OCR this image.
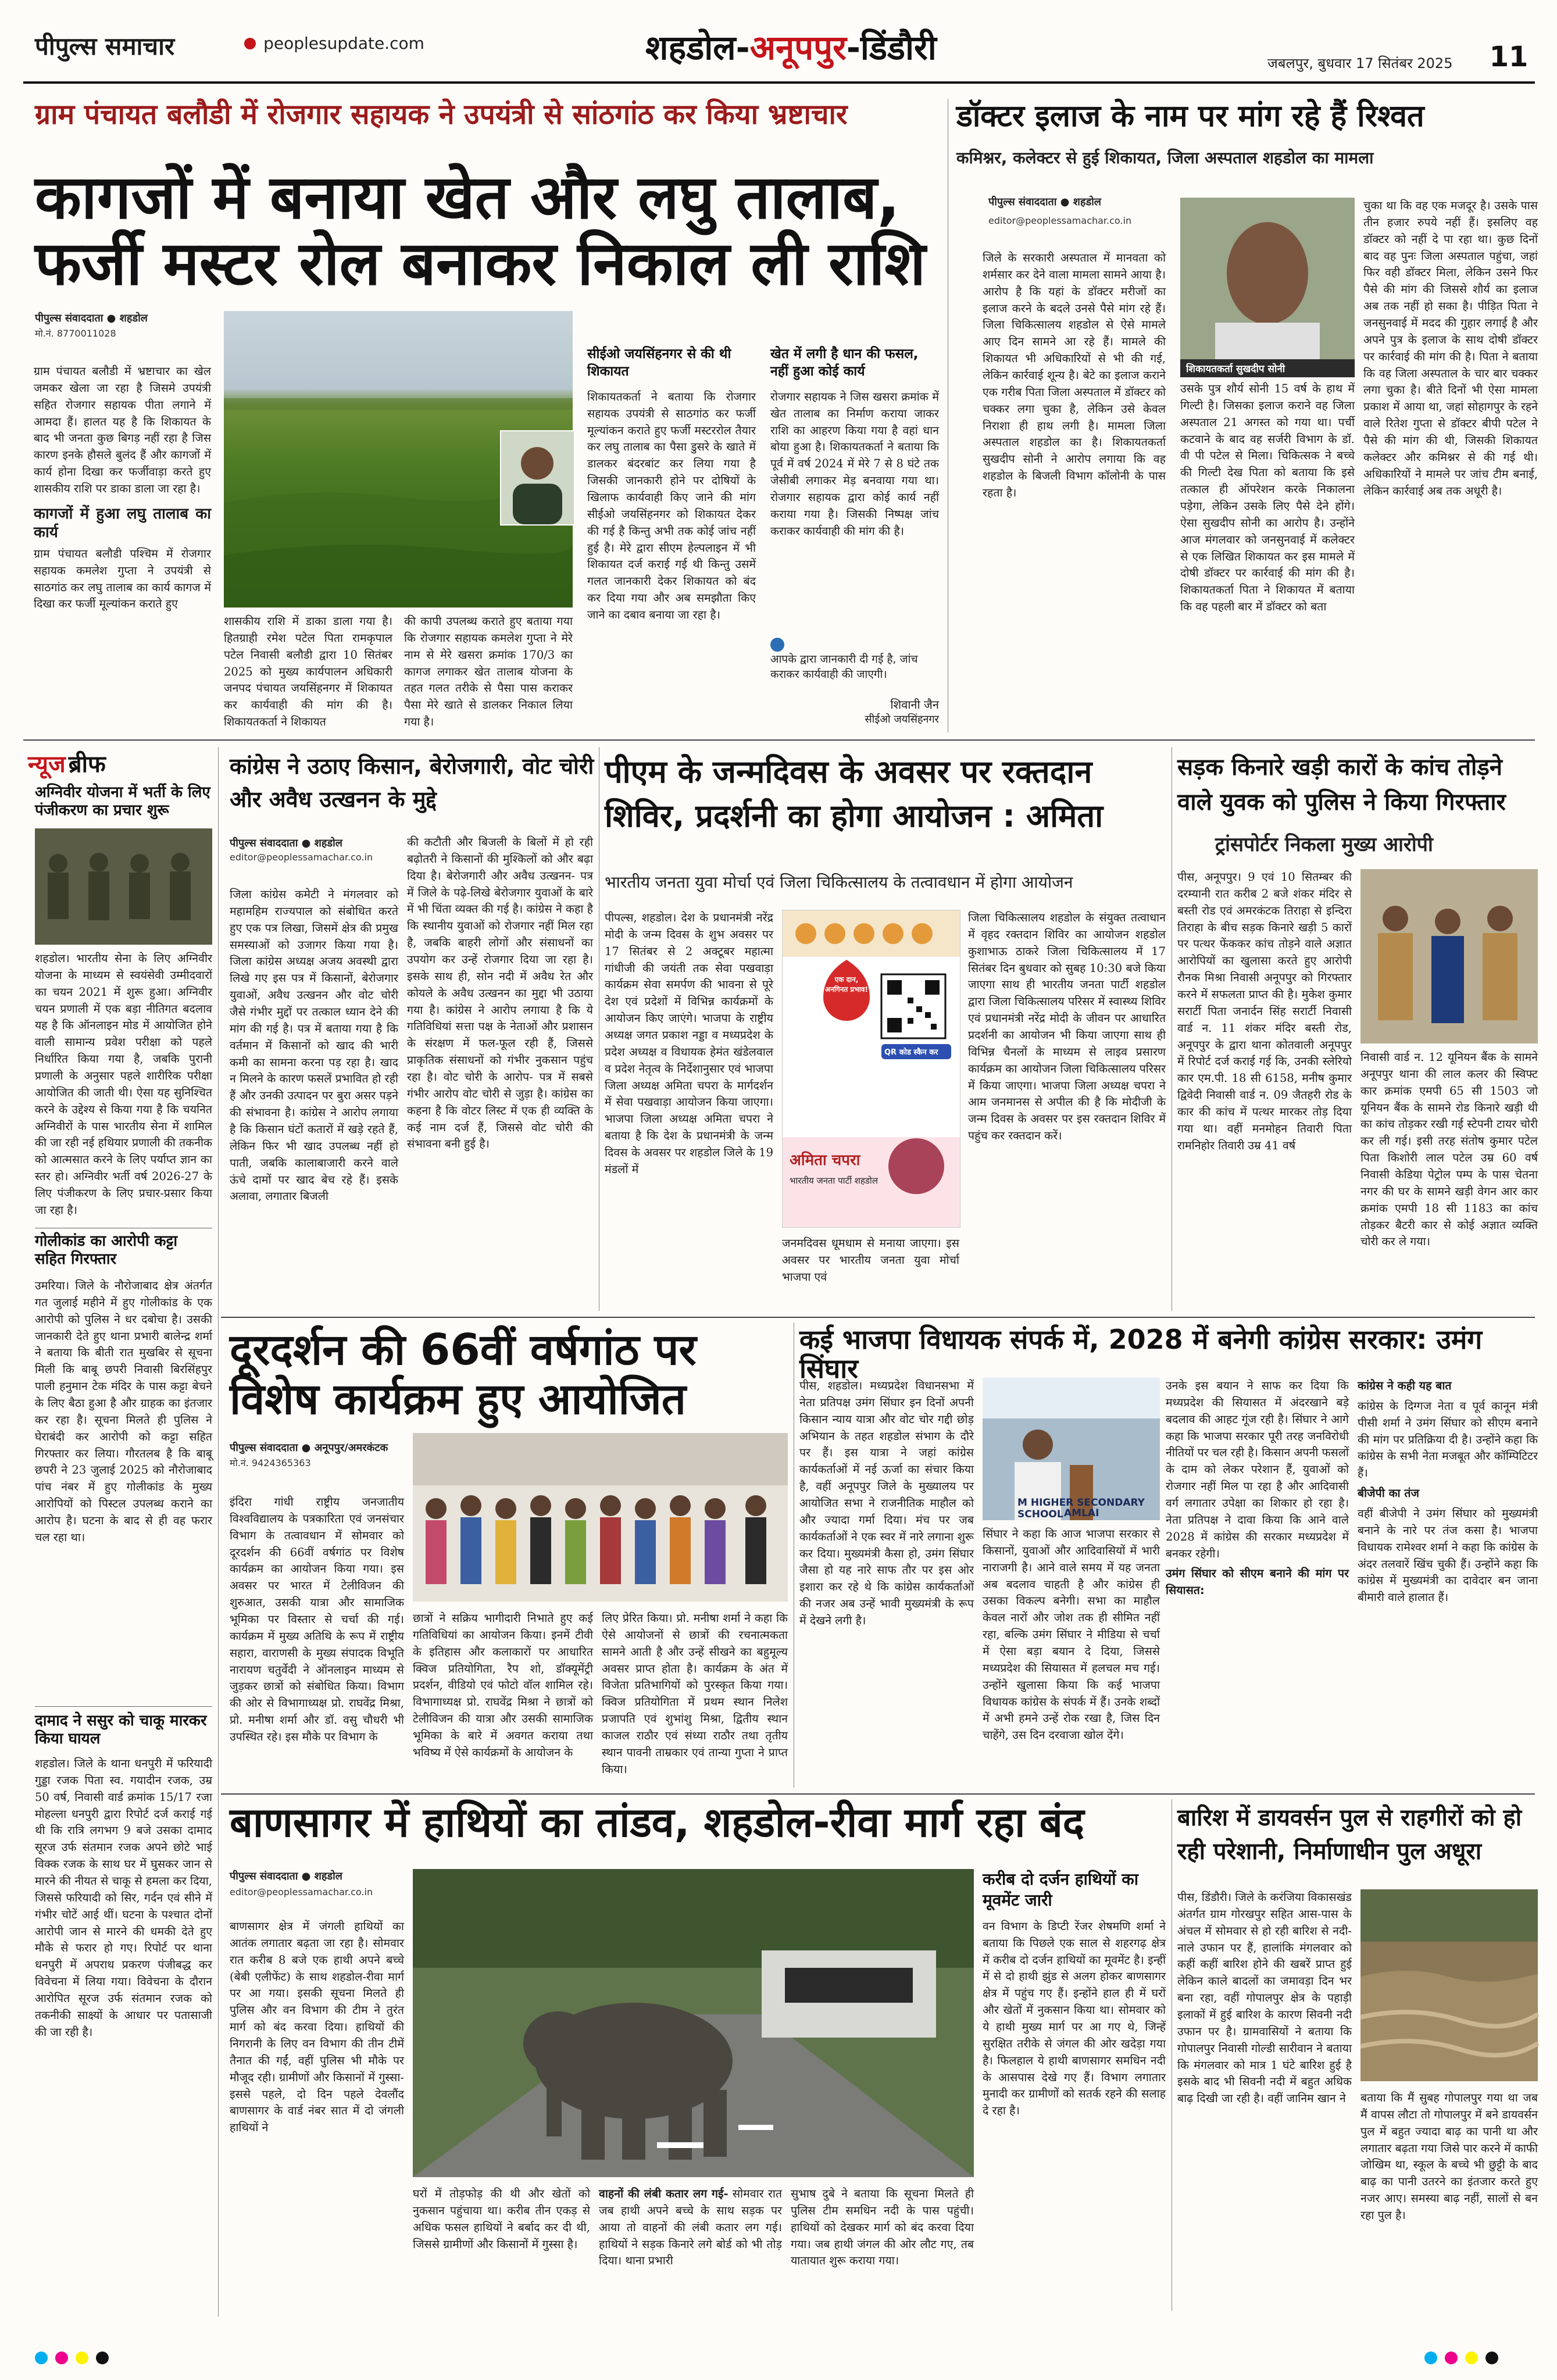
पीपुल्स समाचार	peoplesupdate.com	शहडोल-अनूपपुर-डिंडौरी	जबलपुर, बुधवार 17 सितंबर 2025 11
ग्राम पंचायत बलौडी में रोजगार सहायक ने उपयंत्री से सांठगांठ कर किया भ्रष्टाचार
कागजों में बनाया खेत और लघु तालाब, फर्जी मस्टर रोल बनाकर निकाल ली राशि
पीपुल्स संवाददाता ● शहडोल
मो.नं. 8770011028

ग्राम पंचायत बलौडी में भ्रष्टाचार का खेल जमकर खेला जा रहा है जिसमे उपयंत्री सहित रोजगार सहायक पीता लगाने में आमदा हैं। हालत यह है कि शिकायत के बाद भी जनता कुछ बिगड़ नहीं रहा है जिस कारण इनके हौसले बुलंद हैं और कागजों में कार्य होना दिखा कर फर्जीवाड़ा करते हुए शासकीय राशि पर डाका डाला जा रहा है।

कागजों में हुआ लघु तालाब का कार्य

ग्राम पंचायत बलौडी पश्चिम में रोजगार सहायक कमलेश गुप्ता ने उपयंत्री से साठगांठ कर लघु तालाब का कार्य कागज में दिखा कर फर्जी मूल्यांकन कराते हुए

शासकीय राशि में डाका डाला गया है। हितग्राही रमेश पटेल पिता रामकृपाल पटेल निवासी बलौडी द्वारा 10 सितंबर 2025 को मुख्य कार्यपालन अधिकारी जनपद पंचायत जयसिंहनगर में शिकायत कर कार्यवाही की मांग की है। शिकायतकर्ता ने शिकायत
की कापी उपलब्ध कराते हुए बताया गया कि रोजगार सहायक कमलेश गुप्ता ने मेरे नाम से मेरे खसरा क्रमांक 170/3 का कागज लगाकर खेत तालाब योजना के तहत गलत तरीके से पैसा पास कराकर पैसा मेरे खाते से डालकर निकाल लिया गया है।
सीईओ जयसिंहनगर से की थी शिकायत
शिकायतकर्ता ने बताया कि रोजगार सहायक उपयंत्री से साठगांठ कर फर्जी मूल्यांकन कराते हुए फर्जी मस्टररोल तैयार कर लघु तालाब का पैसा डुसरे के खाते में डालकर बंदरबांट कर लिया गया है जिसकी जानकारी होने पर दोषियों के खिलाफ कार्यवाही किए जाने की मांग सीईओ जयसिंहनगर को शिकायत देकर की गई है किन्तु अभी तक कोई जांच नहीं हुई है। मेरे द्वारा सीएम हेल्पलाइन में भी शिकायत दर्ज कराई गई थी किन्तु उसमें गलत जानकारी देकर शिकायत को बंद कर दिया गया और अब समझौता किए जाने का दबाव बनाया जा रहा है।
खेत में लगी है धान की फसल, नहीं हुआ कोई कार्य
रोजगार सहायक ने जिस खसरा क्रमांक में खेत तालाब का निर्माण कराया जाकर राशि का आहरण किया गया है वहां धान बोया हुआ है। शिकायतकर्ता ने बताया कि पूर्व में वर्ष 2024 में मेरे 7 से 8 घंटे तक जेसीबी लगाकर मेड़ बनवाया गया था। रोजगार सहायक द्वारा कोई कार्य नहीं कराया गया है। जिसकी निष्पक्ष जांच कराकर कार्यवाही की मांग की है।
आपके द्वारा जानकारी दी गई है, जांच कराकर कार्यवाही की जाएगी।
शिवानी जैन
सीईओ जयसिंहनगर
डॉक्टर इलाज के नाम पर मांग रहे हैं रिश्वत
कमिश्नर, कलेक्टर से हुई शिकायत, जिला अस्पताल शहडोल का मामला
पीपुल्स संवाददाता ● शहडोल
editor@peoplessamachar.co.in
जिले के सरकारी अस्पताल में मानवता को शर्मसार कर देने वाला मामला सामने आया है। आरोप है कि यहां के डॉक्टर मरीजों का इलाज करने के बदले उनसे पैसे मांग रहे हैं। जिला चिकित्सालय शहडोल से ऐसे मामले आए दिन सामने आ रहे हैं। मामले की शिकायत भी अधिकारियों से भी की गई, लेकिन कार्रवाई शून्य है। बेटे का इलाज कराने एक गरीब पिता जिला अस्पताल में डॉक्टर को चक्कर लगा चुका है, लेकिन उसे केवल निराशा ही हाथ लगी है। मामला जिला अस्पताल शहडोल का है। शिकायतकर्ता सुखदीप सोनी ने आरोप लगाया कि वह शहडोल के बिजली विभाग कॉलोनी के पास रहता है।
शिकायतकर्ता सुखदीप सोनी
उसके पुत्र शौर्य सोनी 15 वर्ष के हाथ में गिल्टी है। जिसका इलाज कराने वह जिला अस्पताल 21 अगस्त को गया था। पर्ची कटवाने के बाद वह सर्जरी विभाग के डॉ. वी पी पटेल से मिला। चिकित्सक ने बच्चे की गिल्टी देख पिता को बताया कि इसे तत्काल ही ऑपरेशन करके निकालना पड़ेगा, लेकिन उसके लिए पैसे देने होंगे। ऐसा सुखदीप सोनी का आरोप है। उन्होंने आज मंगलवार को जनसुनवाई में कलेक्टर से एक लिखित शिकायत कर इस मामले में दोषी डॉक्टर पर कार्रवाई की मांग की है। शिकायतकर्ता पिता ने शिकायत में बताया कि वह पहली बार में डॉक्टर को बता
चुका था कि वह एक मजदूर है। उसके पास तीन हजार रुपये नहीं हैं। इसलिए वह डॉक्टर को नहीं दे पा रहा था। कुछ दिनों बाद वह पुनः जिला अस्पताल पहुंचा, जहां फिर वही डॉक्टर मिला, लेकिन उसने फिर पैसे की मांग की जिससे शौर्य का इलाज अब तक नहीं हो सका है। पीड़ित पिता ने जनसुनवाई में मदद की गुहार लगाई है और अपने पुत्र के इलाज के साथ दोषी डॉक्टर पर कार्रवाई की मांग की है। पिता ने बताया कि वह जिला अस्पताल के चार बार चक्कर लगा चुका है। बीते दिनों भी ऐसा मामला प्रकाश में आया था, जहां सोहागपुर के रहने वाले रितेश गुप्ता से डॉक्टर बीपी पटेल ने पैसे की मांग की थी, जिसकी शिकायत कलेक्टर और कमिश्नर से की गई थी। अधिकारियों ने मामले पर जांच टीम बनाई, लेकिन कार्रवाई अब तक अधूरी है।
न्यूज ब्रीफ
अग्निवीर योजना में भर्ती के लिए पंजीकरण का प्रचार शुरू
शहडोल। भारतीय सेना के लिए अग्निवीर योजना के माध्यम से स्वयंसेवी उम्मीदवारों का चयन 2021 में शुरू हुआ। अग्निवीर चयन प्रणाली में एक बड़ा नीतिगत बदलाव यह है कि ऑनलाइन मोड में आयोजित होने वाली सामान्य प्रवेश परीक्षा को पहले निर्धारित किया गया है, जबकि पुरानी प्रणाली के अनुसार पहले शारीरिक परीक्षा आयोजित की जाती थी। ऐसा यह सुनिश्चित करने के उद्देश्य से किया गया है कि चयनित अग्निवीरों के पास भारतीय सेना में शामिल की जा रही नई हथियार प्रणाली की तकनीक को आत्मसात करने के लिए पर्याप्त ज्ञान का स्तर हो। अग्निवीर भर्ती वर्ष 2026-27 के लिए पंजीकरण के लिए प्रचार-प्रसार किया जा रहा है।
गोलीकांड का आरोपी कट्टा सहित गिरफ्तार
उमरिया। जिले के नौरोजाबाद क्षेत्र अंतर्गत गत जुलाई महीने में हुए गोलीकांड के एक आरोपी को पुलिस ने धर दबोचा है। उसकी जानकारी देते हुए थाना प्रभारी बालेन्द्र शर्मा ने बताया कि बीती रात मुखबिर से सूचना मिली कि बाबू छपरी निवासी बिरसिंहपुर पाली हनुमान टेक मंदिर के पास कट्टा बेचने के लिए बैठा हुआ है और ग्राहक का इंतजार कर रहा है। सूचना मिलते ही पुलिस ने घेराबंदी कर आरोपी को कट्टा सहित गिरफ्तार कर लिया। गौरतलब है कि बाबू छपरी ने 23 जुलाई 2025 को नौरोजाबाद पांच नंबर में हुए गोलीकांड के मुख्य आरोपियों को पिस्टल उपलब्ध कराने का आरोप है। घटना के बाद से ही वह फरार चल रहा था।
दामाद ने ससुर को चाकू मारकर किया घायल
शहडोल। जिले के थाना धनपुरी में फरियादी गुड्डा रजक पिता स्व. गयादीन रजक, उम्र 50 वर्ष, निवासी वार्ड क्रमांक 15/17 रजा मोहल्ला धनपुरी द्वारा रिपोर्ट दर्ज कराई गई थी कि रात्रि लगभग 9 बजे उसका दामाद सूरज उर्फ संतमान रजक अपने छोटे भाई विक्क रजक के साथ घर में घुसकर जान से मारने की नीयत से चाकू से हमला कर दिया, जिससे फरियादी को सिर, गर्दन एवं सीने में गंभीर चोटें आई थीं। घटना के पश्चात दोनों आरोपी जान से मारने की धमकी देते हुए मौके से फरार हो गए। रिपोर्ट पर थाना धनपुरी में अपराध प्रकरण पंजीबद्ध कर विवेचना में लिया गया। विवेचना के दौरान आरोपित सूरज उर्फ संतमान रजक को तकनीकी साक्ष्यों के आधार पर पतासाजी की जा रही है।
कांग्रेस ने उठाए किसान, बेरोजगारी, वोट चोरी और अवैध उत्खनन के मुद्दे
पीपुल्स संवाददाता ● शहडोल
editor@peoplessamachar.co.in
जिला कांग्रेस कमेटी ने मंगलवार को महामहिम राज्यपाल को संबोधित करते हुए एक पत्र लिखा, जिसमें क्षेत्र की प्रमुख समस्याओं को उजागर किया गया है। जिला कांग्रेस अध्यक्ष अजय अवस्थी द्वारा लिखे गए इस पत्र में किसानों, बेरोजगार युवाओं, अवैध उत्खनन और वोट चोरी जैसे गंभीर मुद्दों पर तत्काल ध्यान देने की मांग की गई है। पत्र में बताया गया है कि वर्तमान में किसानों को खाद की भारी कमी का सामना करना पड़ रहा है। खाद न मिलने के कारण फसलें प्रभावित हो रही हैं और उनकी उत्पादन पर बुरा असर पड़ने की संभावना है। कांग्रेस ने आरोप लगाया है कि किसान घंटों कतारों में खड़े रहते हैं, लेकिन फिर भी खाद उपलब्ध नहीं हो पाती, जबकि कालाबाजारी करने वाले ऊंचे दामों पर खाद बेच रहे हैं। इसके अलावा, लगातार बिजली
की कटौती और बिजली के बिलों में हो रही बढ़ोतरी ने किसानों की मुश्किलों को और बढ़ा दिया है। बेरोजगारी और अवैध उत्खनन- पत्र में जिले के पढ़े-लिखे बेरोजगार युवाओं के बारे में भी चिंता व्यक्त की गई है। कांग्रेस ने कहा है कि स्थानीय युवाओं को रोजगार नहीं मिल रहा है, जबकि बाहरी लोगों और संसाधनों का उपयोग कर उन्हें रोजगार दिया जा रहा है। इसके साथ ही, सोन नदी में अवैध रेत और कोयले के अवैध उत्खनन का मुद्दा भी उठाया गया है। कांग्रेस ने आरोप लगाया है कि ये गतिविधियां सत्ता पक्ष के नेताओं और प्रशासन के संरक्षण में फल-फूल रही हैं, जिससे प्राकृतिक संसाधनों को गंभीर नुकसान पहुंच रहा है। वोट चोरी के आरोप- पत्र में सबसे गंभीर आरोप वोट चोरी से जुड़ा है। कांग्रेस का कहना है कि वोटर लिस्ट में एक ही व्यक्ति के कई नाम दर्ज हैं, जिससे वोट चोरी की संभावना बनी हुई है।
पीएम के जन्मदिवस के अवसर पर रक्तदान शिविर, प्रदर्शनी का होगा आयोजन : अमिता
भारतीय जनता युवा मोर्चा एवं जिला चिकित्सालय के तत्वावधान में होगा आयोजन

पीपल्स, शहडोल। देश के प्रधानमंत्री नरेंद्र मोदी के जन्म दिवस के शुभ अवसर पर 17 सितंबर से 2 अक्टूबर महात्मा गांधीजी की जयंती तक सेवा पखवाड़ा कार्यक्रम सेवा समर्पण की भावना से पूरे देश एवं प्रदेशों में विभिन्न कार्यक्रमों के आयोजन किए जाएंगे। भाजपा के राष्ट्रीय अध्यक्ष जगत प्रकाश नड्डा व मध्यप्रदेश के प्रदेश अध्यक्ष व विधायक हेमंत खंडेलवाल व प्रदेश नेतृत्व के निर्देशानुसार एवं भाजपा जिला अध्यक्ष अमिता चपरा के मार्गदर्शन में सेवा पखवाड़ा आयोजन किया जाएगा। भाजपा जिला अध्यक्ष अमिता चपरा ने बताया है कि देश के प्रधानमंत्री के जन्म दिवस के अवसर पर शहडोल जिले के 19 मंडलों में

एक दान, अनगिनत प्रभाव!
QR कोड स्कैन कर
अमिता चपरा
भारतीय जनता पार्टी शहडोल
जनमदिवस धूमधाम से मनाया जाएगा। इस अवसर पर भारतीय जनता युवा मोर्चा भाजपा एवं
जिला चिकित्सालय शहडोल के संयुक्त तत्वाधान में वृहद रक्तदान शिविर का आयोजन शहडोल कुशाभाऊ ठाकरे जिला चिकित्सालय में 17 सितंबर दिन बुधवार को सुबह 10:30 बजे किया जाएगा साथ ही भारतीय जनता पार्टी शहडोल द्वारा जिला चिकित्सालय परिसर में स्वास्थ्य शिविर एवं प्रधानमंत्री नरेंद्र मोदी के जीवन पर आधारित प्रदर्शनी का आयोजन भी किया जाएगा साथ ही विभिन्न चैनलों के माध्यम से लाइव प्रसारण कार्यक्रम का आयोजन जिला चिकित्सालय परिसर में किया जाएगा। भाजपा जिला अध्यक्ष चपरा ने आम जनमानस से अपील की है कि मोदीजी के जन्म दिवस के अवसर पर इस रक्तदान शिविर में पहुंच कर रक्तदान करें।
सड़क किनारे खड़ी कारों के कांच तोड़ने वाले युवक को पुलिस ने किया गिरफ्तार
ट्रांसपोर्टर निकला मुख्य आरोपी
पीस, अनूपपुर। 9 एवं 10 सितम्बर की दरम्यानी रात करीब 2 बजे शंकर मंदिर से बस्ती रोड एवं अमरकंटक तिराहा से इन्दिरा तिराहा के बीच सड़क किनारे खड़ी 5 कारों पर पत्थर फेंककर कांच तोड़ने वाले अज्ञात आरोपियों का खुलासा करते हुए आरोपी रौनक मिश्रा निवासी अनूपपुर को गिरफ्तार करने में सफलता प्राप्त की है। मुकेश कुमार सरार्टी पिता जनार्दन सिंह सरार्टी निवासी वार्ड न. 11 शंकर मंदिर बस्ती रोड, अनूपपुर के द्वारा थाना कोतवाली अनूपपुर में रिपोर्ट दर्ज कराई गई कि, उनकी स्लेरियो कार एम.पी. 18 सी 6158, मनीष कुमार द्विवेदी निवासी वार्ड न. 09 जैतहरी रोड के कार की कांच में पत्थर मारकर तोड़ दिया गया था। वहीं मनमोहन तिवारी पिता रामनिहोर तिवारी उम्र 41 वर्ष
निवासी वार्ड न. 12 यूनियन बैंक के सामने अनूपपुर थाना की लाल कलर की स्विफ्ट कार क्रमांक एमपी 65 सी 1503 जो यूनियन बैंक के सामने रोड किनारे खड़ी थी का कांच तोड़कर रखी गई स्टेपनी टायर चोरी कर ली गई। इसी तरह संतोष कुमार पटेल पिता किशोरी लाल पटेल उम्र 60 वर्ष निवासी केडिया पेट्रोल पम्प के पास चेतना नगर की घर के सामने खड़ी वेगन आर कार क्रमांक एमपी 18 सी 1183 का कांच तोड़कर बैटरी कार से कोई अज्ञात व्यक्ति चोरी कर ले गया।
दूरदर्शन की 66वीं वर्षगांठ पर विशेष कार्यक्रम हुए आयोजित
पीपुल्स संवाददाता ● अनूपपुर/अमरकंटक
मो.नं. 9424365363
इंदिरा गांधी राष्ट्रीय जनजातीय विश्वविद्यालय के पत्रकारिता एवं जनसंचार विभाग के तत्वावधान में सोमवार को दूरदर्शन की 66वीं वर्षगांठ पर विशेष कार्यक्रम का आयोजन किया गया। इस अवसर पर भारत में टेलीविजन की शुरुआत, उसकी यात्रा और सामाजिक भूमिका पर विस्तार से चर्चा की गई। कार्यक्रम में मुख्य अतिथि के रूप में राष्ट्रीय सहारा, वाराणसी के मुख्य संपादक विभूति नारायण चतुर्वेदी ने ऑनलाइन माध्यम से जुड़कर छात्रों को संबोधित किया। विभाग की ओर से विभागाध्यक्ष प्रो. राघवेंद्र मिश्रा, प्रो. मनीषा शर्मा और डॉ. वसु चौधरी भी उपस्थित रहे। इस मौके पर विभाग के
छात्रों ने सक्रिय भागीदारी निभाते हुए कई गतिविधियां का आयोजन किया। इनमें टीवी के इतिहास और कलाकारों पर आधारित क्विज प्रतियोगिता, रैप शो, डॉक्यूमेंट्री प्रदर्शन, वीडियो एवं फोटो वॉल शामिल रहे। विभागाध्यक्ष प्रो. राघवेंद्र मिश्रा ने छात्रों को टेलीविजन की यात्रा और उसकी सामाजिक भूमिका के बारे में अवगत कराया तथा भविष्य में ऐसे कार्यक्रमों के आयोजन के
लिए प्रेरित किया। प्रो. मनीषा शर्मा ने कहा कि ऐसे आयोजनों से छात्रों की रचनात्मकता सामने आती है और उन्हें सीखने का बहुमूल्य अवसर प्राप्त होता है। कार्यक्रम के अंत में विजेता प्रतिभागियों को पुरस्कृत किया गया। क्विज प्रतियोगिता में प्रथम स्थान निलेश प्रजापति एवं शुभांशु मिश्रा, द्वितीय स्थान काजल राठौर एवं संध्या राठौर तथा तृतीय स्थान पावनी ताम्रकार एवं तान्या गुप्ता ने प्राप्त किया।
कई भाजपा विधायक संपर्क में, 2028 में बनेगी कांग्रेस सरकार: उमंग सिंघार
पीस, शहडोल। मध्यप्रदेश विधानसभा में नेता प्रतिपक्ष उमंग सिंघार इन दिनों अपनी किसान न्याय यात्रा और वोट चोर गद्दी छोड़ अभियान के तहत शहडोल संभाग के दौरे पर हैं। इस यात्रा ने जहां कांग्रेस कार्यकर्ताओं में नई ऊर्जा का संचार किया है, वहीं अनूपपुर जिले के मुख्यालय पर आयोजित सभा ने राजनीतिक माहौल को और ज्यादा गर्मा दिया। मंच पर जब कार्यकर्ताओं ने एक स्वर में नारे लगाना शुरू कर दिया। मुख्यमंत्री कैसा हो, उमंग सिंघार जैसा हो यह नारे साफ तौर पर इस ओर इशारा कर रहे थे कि कांग्रेस कार्यकर्ताओं की नजर अब उन्हें भावी मुख्यमंत्री के रूप में देखने लगी है।
M HIGHER SECONDARY SCHOOL AMLAI
सिंघार ने कहा कि आज भाजपा सरकार से किसानों, युवाओं और आदिवासियों में भारी नाराजगी है। आने वाले समय में यह जनता अब बदलाव चाहती है और कांग्रेस ही उसका विकल्प बनेगी। सभा का माहौल केवल नारों और जोश तक ही सीमित नहीं रहा, बल्कि उमंग सिंघार ने मीडिया से चर्चा में ऐसा बड़ा बयान दे दिया, जिससे मध्यप्रदेश की सियासत में हलचल मच गई। उन्होंने खुलासा किया कि कई भाजपा विधायक कांग्रेस के संपर्क में हैं। उनके शब्दों में अभी हमने उन्हें रोक रखा है, जिस दिन चाहेंगे, उस दिन दरवाजा खोल देंगे।

उनके इस बयान ने साफ कर दिया कि मध्यप्रदेश की सियासत में अंदरखाने बड़े बदलाव की आहट गूंज रही है। सिंघार ने आगे कहा कि भाजपा सरकार पूरी तरह जनविरोधी नीतियों पर चल रही है। किसान अपनी फसलों के दाम को लेकर परेशान हैं, युवाओं को रोजगार नहीं मिल पा रहा है और आदिवासी वर्ग लगातार उपेक्षा का शिकार हो रहा है। नेता प्रतिपक्ष ने दावा किया कि आने वाले 2028 में कांग्रेस की सरकार मध्यप्रदेश में बनकर रहेगी।

उमंग सिंघार को सीएम बनाने की मांग पर सियासत:

कांग्रेस ने कही यह बात

कांग्रेस के दिग्गज नेता व पूर्व कानून मंत्री पीसी शर्मा ने उमंग सिंघार को सीएम बनाने की मांग पर प्रतिक्रिया दी है। उन्होंने कहा कि कांग्रेस के सभी नेता मजबूत और कॉम्पिटिटर हैं।

बीजेपी का तंज

वहीं बीजेपी ने उमंग सिंघार को मुख्यमंत्री बनाने के नारे पर तंज कसा है। भाजपा विधायक रामेश्वर शर्मा ने कहा कि कांग्रेस के अंदर तलवारें खिंच चुकी हैं। उन्होंने कहा कि कांग्रेस में मुख्यमंत्री का दावेदार बन जाना बीमारी वाले हालात हैं।

बाणसागर में हाथियों का तांडव, शहडोल-रीवा मार्ग रहा बंद
पीपुल्स संवाददाता ● शहडोल
editor@peoplessamachar.co.in
बाणसागर क्षेत्र में जंगली हाथियों का आतंक लगातार बढ़ता जा रहा है। सोमवार रात करीब 8 बजे एक हाथी अपने बच्चे (बेबी एलीफेंट) के साथ शहडोल-रीवा मार्ग पर आ गया। इसकी सूचना मिलते ही पुलिस और वन विभाग की टीम ने तुरंत मार्ग को बंद करवा दिया। हाथियों की निगरानी के लिए वन विभाग की तीन टीमें तैनात की गईं, वहीं पुलिस भी मौके पर मौजूद रही। ग्रामीणों और किसानों में गुस्सा- इससे पहले, दो दिन पहले देवलौंद बाणसागर के वार्ड नंबर सात में दो जंगली हाथियों ने
घरों में तोड़फोड़ की थी और खेतों को नुकसान पहुंचाया था। करीब तीन एकड़ से अधिक फसल हाथियों ने बर्बाद कर दी थी, जिससे ग्रामीणों और किसानों में गुस्सा है।

वाहनों की लंबी कतार लग गई- सोमवार रात जब हाथी अपने बच्चे के साथ सड़क पर आया तो वाहनों की लंबी कतार लग गई। हाथियों ने सड़क किनारे लगे बोर्ड को भी तोड़ दिया। थाना प्रभारी

सुभाष दुबे ने बताया कि सूचना मिलते ही पुलिस टीम समधिन नदी के पास पहुंची। हाथियों को देखकर मार्ग को बंद करवा दिया गया। जब हाथी जंगल की ओर लौट गए, तब यातायात शुरू कराया गया।
करीब दो दर्जन हाथियों का मूवमेंट जारी
वन विभाग के डिप्टी रेंजर शेषमणि शर्मा ने बताया कि पिछले एक साल से शहरगढ़ क्षेत्र में करीब दो दर्जन हाथियों का मूवमेंट है। इन्हीं में से दो हाथी झुंड से अलग होकर बाणसागर क्षेत्र में पहुंच गए हैं। इन्होंने हाल ही में घरों और खेतों में नुकसान किया था। सोमवार को ये हाथी मुख्य मार्ग पर आ गए थे, जिन्हें सुरक्षित तरीके से जंगल की ओर खदेड़ा गया है। फिलहाल ये हाथी बाणसागर समधिन नदी के आसपास देखे गए हैं। विभाग लगातार मुनादी कर ग्रामीणों को सतर्क रहने की सलाह दे रहा है।
बारिश में डायवर्सन पुल से राहगीरों को हो रही परेशानी, निर्माणाधीन पुल अधूरा
पीस, डिंडौरी। जिले के करंजिया विकासखंड अंतर्गत ग्राम गोरखपुर सहित आस-पास के अंचल में सोमवार से हो रही बारिश से नदी-नाले उफान पर हैं, हालांकि मंगलवार को कहीं कहीं बारिश होने की खबरें प्राप्त हुई लेकिन काले बादलों का जमावड़ा दिन भर बना रहा, वहीं गोपालपुर क्षेत्र के पहाड़ी इलाकों में हुई बारिश के कारण सिवनी नदी उफान पर है। ग्रामवासियों ने बताया कि गोपालपुर निवासी गोल्डी सारीवान ने बताया कि मंगलवार को मात्र 1 घंटे बारिश हुई है इसके बाद भी सिवनी नदी में बहुत अधिक बाढ़ दिखी जा रही है। वहीं जानिम खान ने	बताया कि मैं सुबह गोपालपुर गया था जब मैं वापस लौटा तो गोपालपुर में बने डायवर्सन पुल में बहुत ज्यादा बाढ़ का पानी था और लगातार बढ़ता गया जिसे पार करने में काफी जोखिम था, स्कूल के बच्चे भी छुट्टी के बाद बाढ़ का पानी उतरने का इंतजार करते हुए नजर आए। समस्या बाढ़ नहीं, सालों से बन रहा पुल है।
